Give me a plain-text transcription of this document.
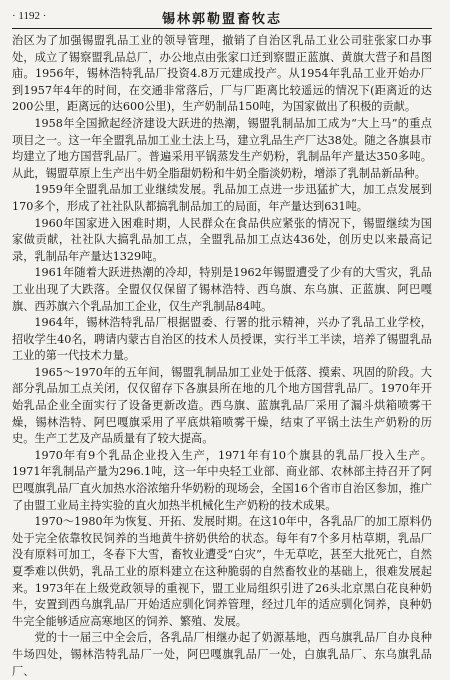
· 1192 ·	锡林郭勒盟畜牧志

治区为了加强锡盟乳品工业的领导管理，撤销了自治区乳品工业公司驻张家口办事处，成立了锡察盟乳品总厂，办公地点由张家口迁到察盟正蓝旗、黄旗大营子和昌图庙。1956年，锡林浩特乳品厂投资4.8万元建成投产。从1954年乳品工业开始办厂到1957年4年的时间，在交通非常落后，厂与厂距离比较遥远的情况下(距离近的达200公里，距离远的达600公里)，生产奶制品150吨，为国家做出了积极的贡献。

1958年全国掀起经济建设大跃进的热潮，锡盟乳制品加工成为“大上马”的重点项目之一。这一年全盟乳品加工业土法上马，建立乳品生产厂达38处。随之各旗县市均建立了地方国营乳品厂。普遍采用平锅蒸发生产奶粉，乳制品年产量达350多吨。从此，锡盟草原上生产出牛奶全脂甜奶粉和牛奶全脂淡奶粉，增添了乳制品新品种。

1959年全盟乳品加工业继续发展。乳品加工点进一步迅猛扩大，加工点发展到170多个，形成了社社队队都搞乳制品加工的局面，年产量达到631吨。

1960年国家进入困难时期，人民群众在食品供应紧张的情况下，锡盟继续为国家做贡献，社社队大搞乳品加工点，全盟乳品加工点达436处，创历史以来最高记录，乳制品年产量达1329吨。

1961年随着大跃进热潮的冷却，特别是1962年锡盟遭受了少有的大雪灾，乳品工业出现了大跌落。全盟仅仅保留了锡林浩特、西乌旗、东乌旗、正蓝旗、阿巴嘎旗、西苏旗六个乳品加工企业，仅生产乳制品84吨。

1964年，锡林浩特乳品厂根据盟委、行署的批示精神，兴办了乳品工业学校，招收学生40名，聘请内蒙古自治区的技术人员授课，实行半工半读，培养了锡盟乳品工业的第一代技术力量。

1965～1970年的五年间，锡盟乳制品加工业处于低落、摸索、巩固的阶段。大部分乳品加工点关闭，仅仅留存下各旗县所在地的几个地方国营乳品厂。1970年开始乳品企业全面实行了设备更新改造。西乌旗、蓝旗乳品厂采用了漏斗烘箱喷雾干燥，锡林浩特、阿巴嘎旗采用了平底烘箱喷雾干燥，结束了平锅土法生产奶粉的历史。生产工艺及产品质量有了较大提高。

1970年有9个乳品企业投入生产，1971年有10个旗县的乳品厂投入生产。1971年乳制品产量为296.1吨，这一年中央轻工业部、商业部、农林部主持召开了阿巴嘎旗乳品厂直火加热水浴浓缩升华奶粉的现场会，全国16个省市自治区参加，推广了由盟工业局主持实验的直火加热半机械化生产奶粉的技术成果。

1970～1980年为恢复、开拓、发展时期。在这10年中，各乳品厂的加工原料仍处于完全依靠牧民饲养的当地黄牛挤奶供给的状态。每年有7个多月枯草期，乳品厂没有原料可加工，冬春下大雪，畜牧业遭受“白灾”，牛无草吃，甚至大批死亡，自然夏季难以供奶，乳品工业的原料建立在这种脆弱的自然畜牧业的基础上，很难发展起来。1973年在上级党政领导的重视下，盟工业局组织引进了26头北京黑白花良种奶牛，安置到西乌旗乳品厂开始适应驯化饲养管理，经过几年的适应驯化饲养，良种奶牛完全能够适应高寒地区的饲养、繁殖、发展。

党的十一届三中全会后，各乳品厂相继办起了奶源基地，西乌旗乳品厂自办良种牛场四处，锡林浩特乳品厂一处，阿巴嘎旗乳品厂一处，白旗乳品厂、东乌旗乳品厂、
